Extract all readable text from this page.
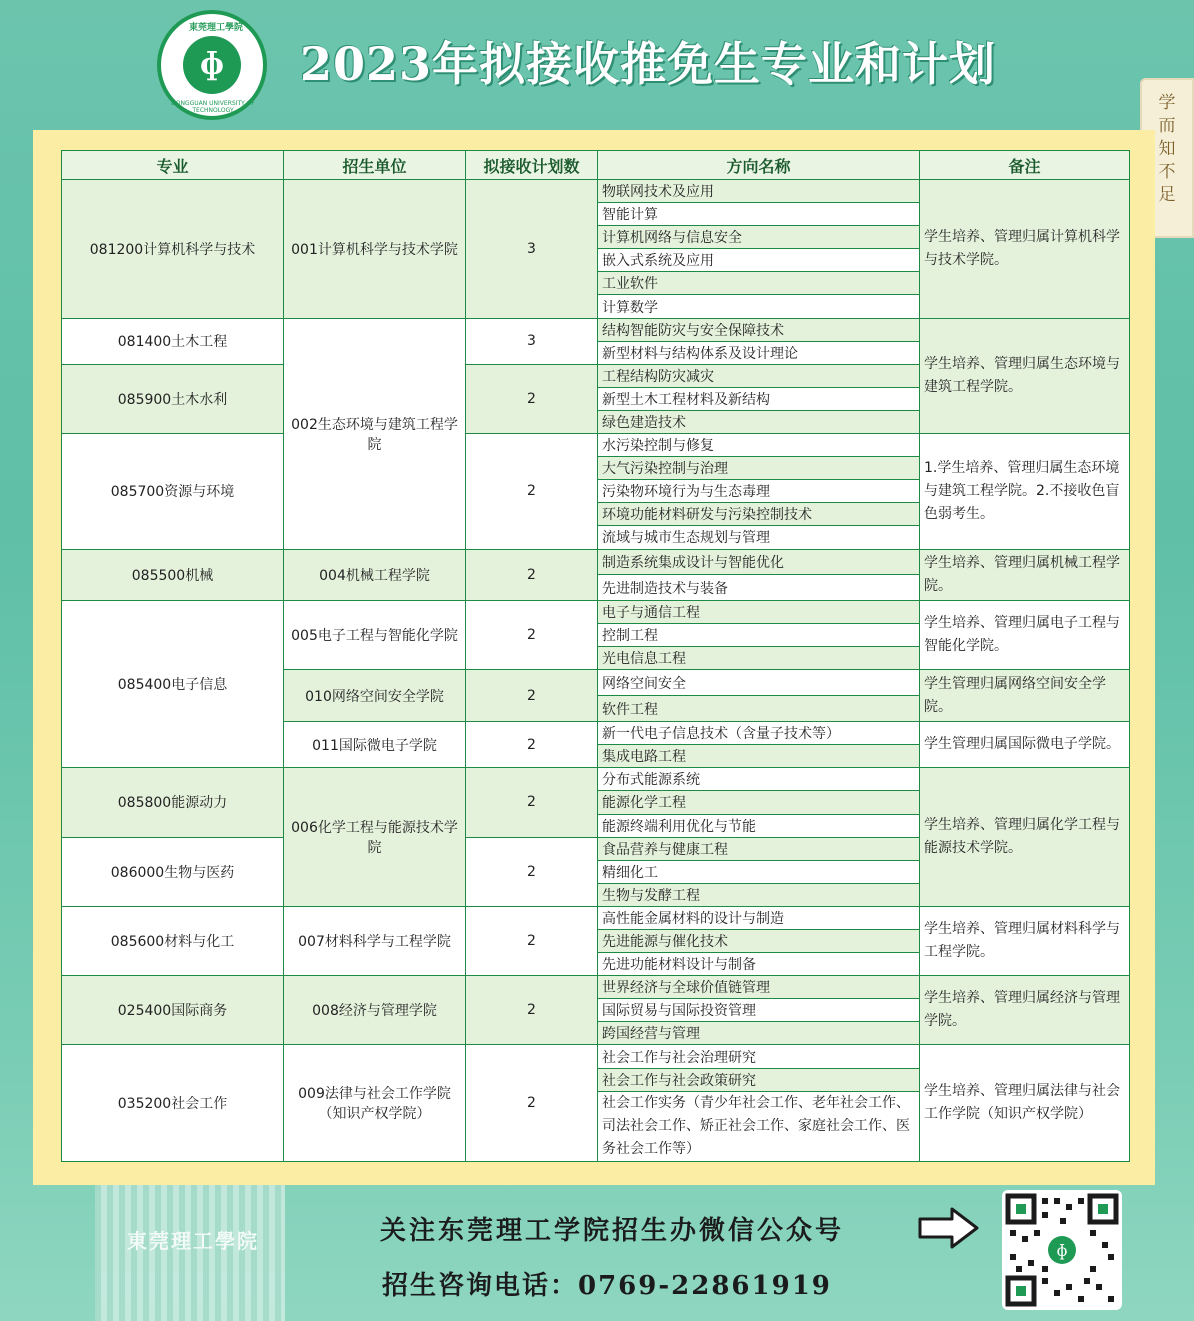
東莞理工學院
ɸ
DONGGUAN UNIVERSITY OF TECHNOLOGY
2023年拟接收推免生专业和计划
学
而
知
不
足
专业	招生单位	拟接收计划数	方向名称	备注
081200计算机科学与技术	001计算机科学与技术学院	3	物联网技术及应用	学生培养、管理归属计算机科学与技术学院。
			智能计算	
			计算机网络与信息安全	
			嵌入式系统及应用	
			工业软件	
			计算数学	
081400土木工程	002生态环境与建筑工程学院	3	结构智能防灾与安全保障技术	学生培养、管理归属生态环境与建筑工程学院。
			新型材料与结构体系及设计理论	
085900土木水利		2	工程结构防灾减灾	
			新型土木工程材料及新结构	
			绿色建造技术	
085700资源与环境		2	水污染控制与修复	1.学生培养、管理归属生态环境与建筑工程学院。2.不接收色盲色弱考生。
			大气污染控制与治理	
			污染物环境行为与生态毒理	
			环境功能材料研发与污染控制技术	
			流域与城市生态规划与管理	
085500机械	004机械工程学院	2	制造系统集成设计与智能优化	学生培养、管理归属机械工程学院。
			先进制造技术与装备	
085400电子信息	005电子工程与智能化学院	2	电子与通信工程	学生培养、管理归属电子工程与智能化学院。
			控制工程	
			光电信息工程	
	010网络空间安全学院	2	网络空间安全	学生管理归属网络空间安全学院。
			软件工程	
	011国际微电子学院	2	新一代电子信息技术（含量子技术等）	学生管理归属国际微电子学院。
			集成电路工程	
085800能源动力	006化学工程与能源技术学院	2	分布式能源系统	学生培养、管理归属化学工程与能源技术学院。
			能源化学工程	
			能源终端利用优化与节能	
086000生物与医药		2	食品营养与健康工程	
			精细化工	
			生物与发酵工程	
085600材料与化工	007材料科学与工程学院	2	高性能金属材料的设计与制造	学生培养、管理归属材料科学与工程学院。
			先进能源与催化技术	
			先进功能材料设计与制备	
025400国际商务	008经济与管理学院	2	世界经济与全球价值链管理	学生培养、管理归属经济与管理学院。
			国际贸易与国际投资管理	
			跨国经营与管理	
035200社会工作	009法律与社会工作学院（知识产权学院）	2	社会工作与社会治理研究	学生培养、管理归属法律与社会工作学院（知识产权学院）
			社会工作与社会政策研究	
			社会工作实务（青少年社会工作、老年社会工作、司法社会工作、矫正社会工作、家庭社会工作、医务社会工作等）	
東莞理工學院	关注东莞理工学院招生办微信公众号
招生咨询电话：0769-22861919
ɸ
